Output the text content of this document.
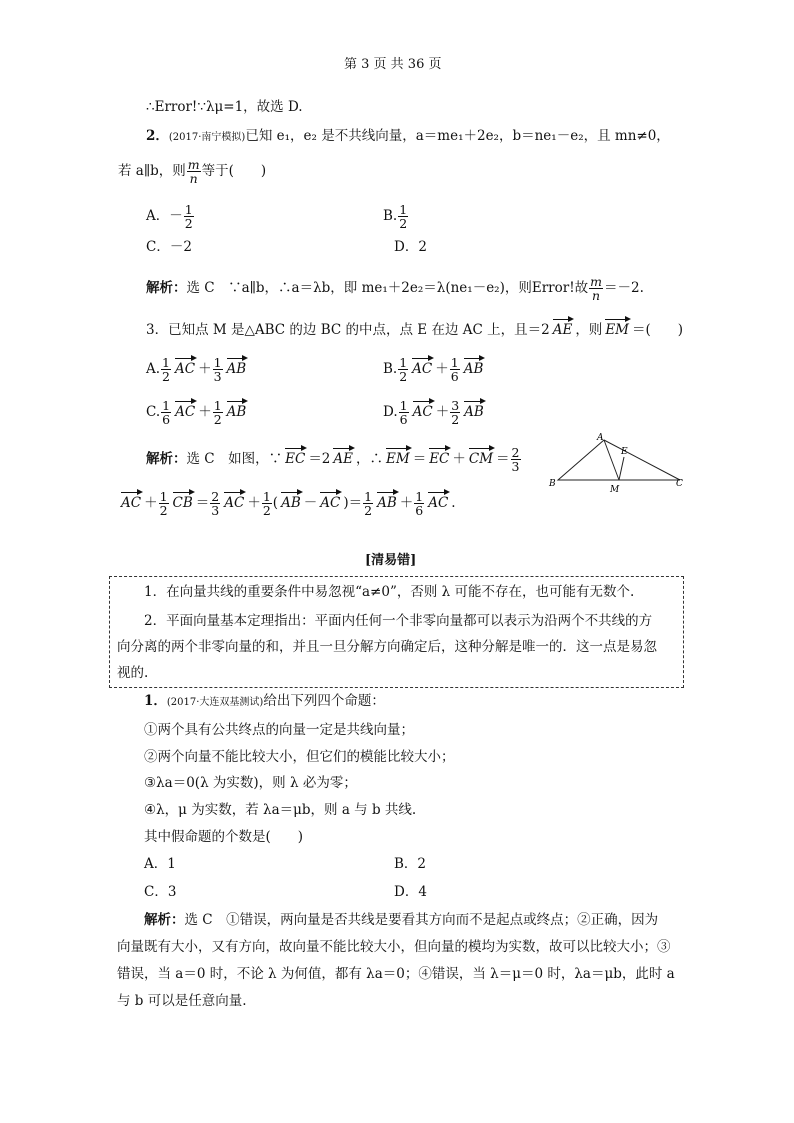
第 3 页 共 36 页
∴Error!∵λμ=1，故选 D.
2．(2017·南宁模拟)已知 e₁，e₂ 是不共线向量，a＝me₁＋2e₂，b＝ne₁－e₂，且 mn≠0，
若 a∥b，则 $\frac{m}{n}$ 等于(　　)
A．－ $\frac{1}{2}$	B. $\frac{1}{2}$
C．－2	D．2
解析：选 C　∵a∥b，∴a＝λb，即 me₁＋2e₂＝λ(ne₁－e₂)，则Error!故 $\frac{m}{n} =-2$.
3．已知点 M 是△ABC 的边 BC 的中点，点 E 在边 AC 上，且＝2 AE ，则 EM ＝(　　)
A. $\frac{1}{2}$ AC ＋ $\frac{1}{3}$ AB	B. $\frac{1}{2}$ AC ＋ $\frac{1}{6}$ AB
C. $\frac{1}{6}$ AC ＋ $\frac{1}{2}$ AB	D. $\frac{1}{6}$ AC ＋ $\frac{3}{2}$ AB
解析：选 C　如图，∵ EC ＝2 AE ，∴ EM ＝ EC ＋ CM ＝ $\frac{2}{3}$
AC ＋ $\frac{1}{2}$ CB ＝ $\frac{2}{3}$ AC ＋ $\frac{1}{2}$ ( AB － AC )＝ $\frac{1}{2}$ AB ＋ $\frac{1}{6}$ AC .
A
E
B
M
C
[清易错]
1．在向量共线的重要条件中易忽视“a≠0”，否则 λ 可能不存在，也可能有无数个.
2．平面向量基本定理指出：平面内任何一个非零向量都可以表示为沿两个不共线的方
向分离的两个非零向量的和，并且一旦分解方向确定后，这种分解是唯一的．这一点是易忽
视的.
1．(2017·大连双基测试)给出下列四个命题：
①两个具有公共终点的向量一定是共线向量；
②两个向量不能比较大小，但它们的模能比较大小；
③λa＝0(λ 为实数)，则 λ 必为零；
④λ，μ 为实数，若 λa＝μb，则 a 与 b 共线.
其中假命题的个数是(　　)
A．1	B．2
C．3	D．4
解析：选 C　①错误，两向量是否共线是要看其方向而不是起点或终点；②正确，因为
向量既有大小，又有方向，故向量不能比较大小，但向量的模均为实数，故可以比较大小；③
错误，当 a＝0 时，不论 λ 为何值，都有 λa＝0；④错误，当 λ＝μ＝0 时，λa＝μb，此时 a
与 b 可以是任意向量.
